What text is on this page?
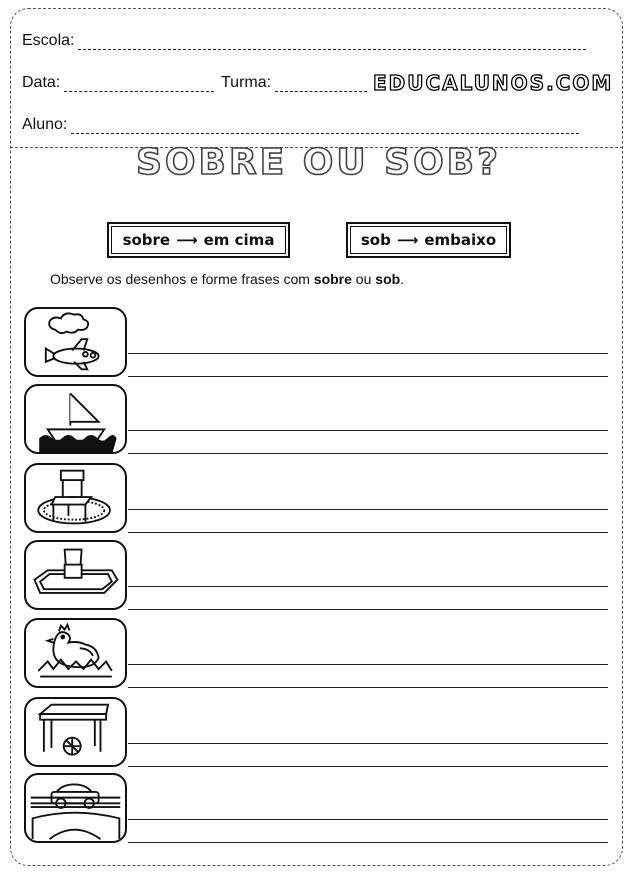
Escola:
Data:	Turma:	EDUCALUNOS.COM
Aluno:
SOBRE OU SOB?
sobre ⟶ em cima	sob ⟶ embaixo
Observe os desenhos e forme frases com sobre ou sob.
